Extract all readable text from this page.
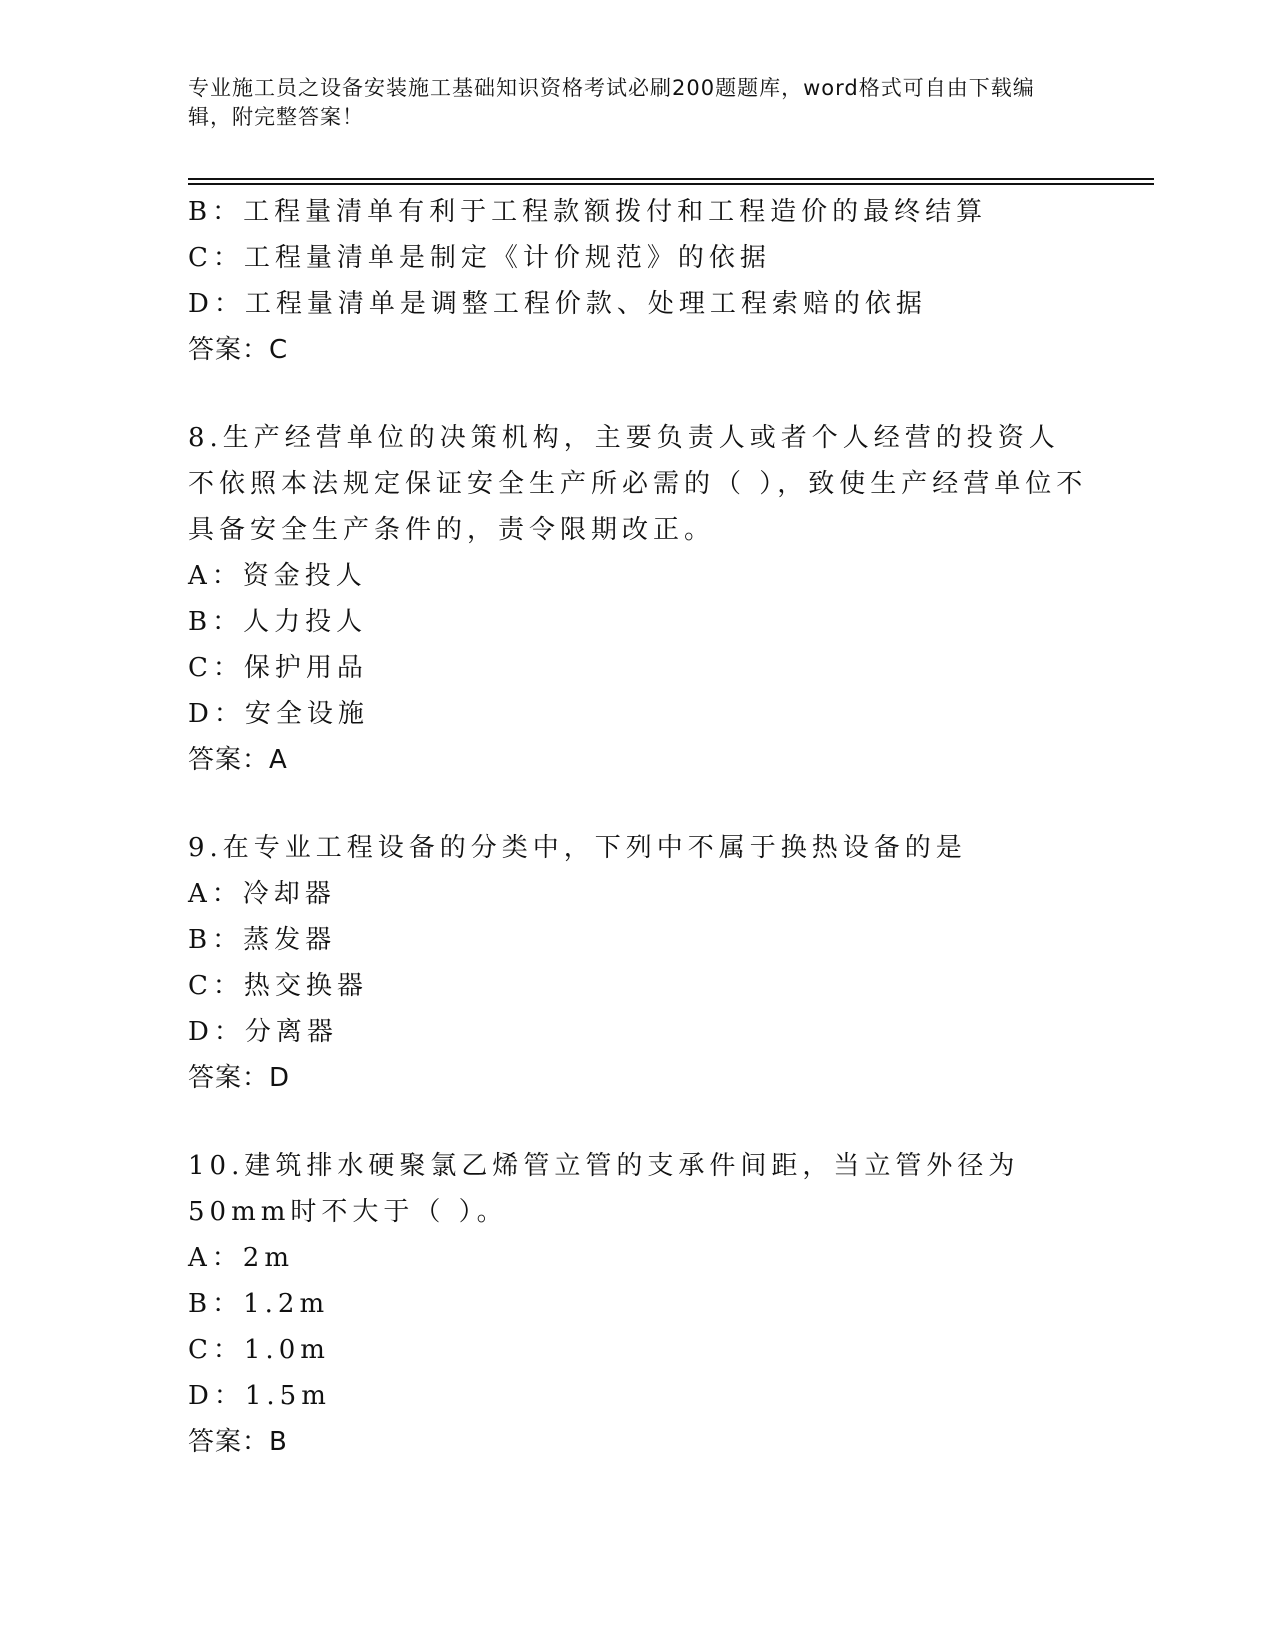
专业施工员之设备安装施工基础知识资格考试必刷200题题库，word格式可自由下载编辑，附完整答案！
B：工程量清单有利于工程款额拨付和工程造价的最终结算
C：工程量清单是制定《计价规范》的依据
D：工程量清单是调整工程价款、处理工程索赔的依据
答案：C
8.生产经营单位的决策机构，主要负责人或者个人经营的投资人不依照本法规定保证安全生产所必需的（ ），致使生产经营单位不具备安全生产条件的，责令限期改正。
A：资金投人
B：人力投人
C：保护用品
D：安全设施
答案：A
9.在专业工程设备的分类中，下列中不属于换热设备的是
A：冷却器
B：蒸发器
C：热交换器
D：分离器
答案：D
10.建筑排水硬聚氯乙烯管立管的支承件间距，当立管外径为50mm时不大于（ ）。
A：2m
B：1.2m
C：1.0m
D：1.5m
答案：B
